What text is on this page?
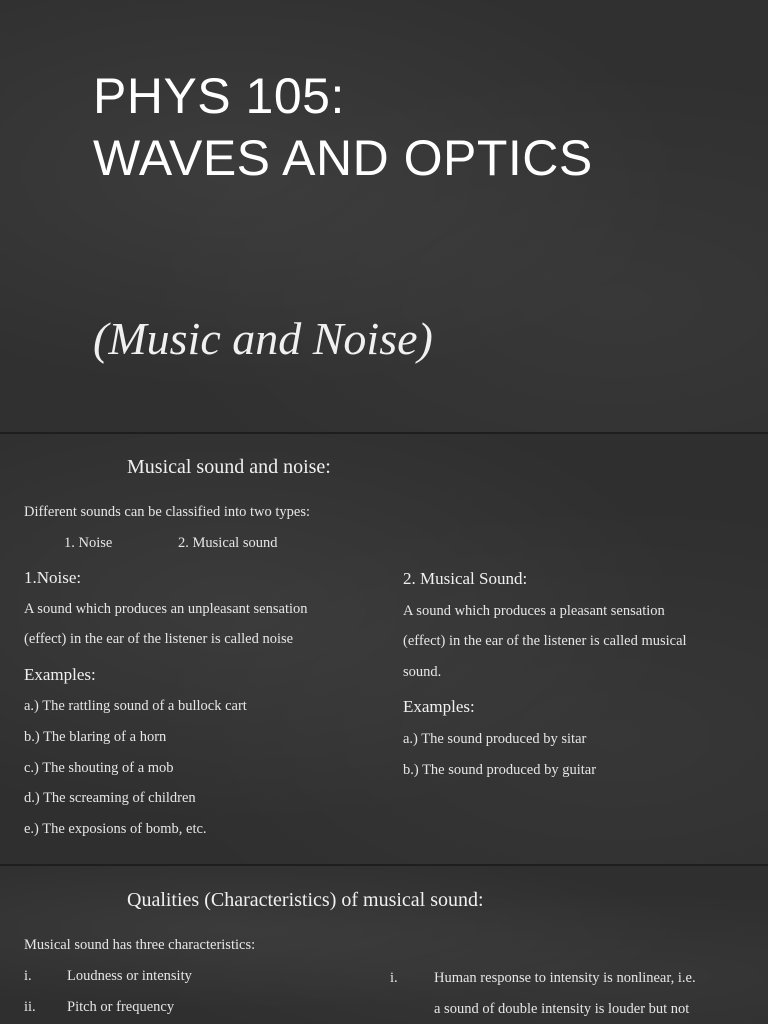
PHYS 105:
WAVES AND OPTICS
(Music and Noise)
Musical sound and noise:
Different sounds can be classified into two types:
1. Noise	2. Musical sound
1.Noise:
A sound which produces an unpleasant sensation
(effect) in the ear of the listener is called noise
Examples:
a.) The rattling sound of a bullock cart
b.) The blaring of a horn
c.) The shouting of a mob
d.) The screaming of children
e.) The exposions of bomb, etc.
2. Musical Sound:
A sound which produces a pleasant sensation
(effect) in the ear of the listener is called musical
sound.
Examples:
a.) The sound produced by sitar
b.) The sound produced by guitar
Qualities (Characteristics) of musical sound:
Musical sound has three characteristics:
i. Loudness or intensity
ii. Pitch or frequency
i.	Human response to intensity is nonlinear, i.e.
a sound of double intensity is louder but not
